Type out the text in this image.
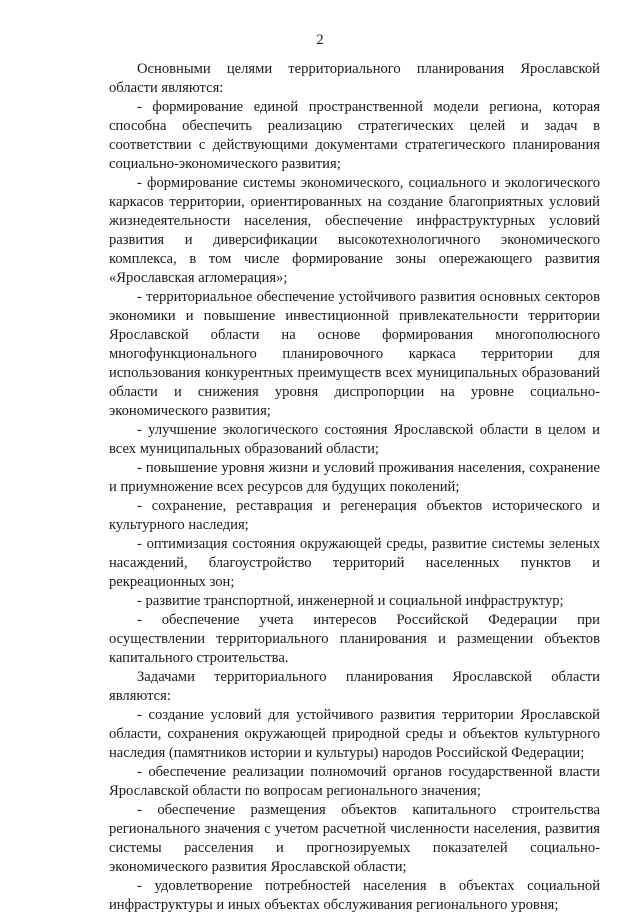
2

Основными целями территориального планирования Ярославской области являются:

- формирование единой пространственной модели региона, которая способна обеспечить реализацию стратегических целей и задач в соответствии с действующими документами стратегического планирования социально-экономического развития;

- формирование системы экономического, социального и экологического каркасов территории, ориентированных на создание благоприятных условий жизнедеятельности населения, обеспечение инфраструктурных условий развития и диверсификации высокотехнологичного экономического комплекса, в том числе формирование зоны опережающего развития «Ярославская агломерация»;

- территориальное обеспечение устойчивого развития основных секторов экономики и повышение инвестиционной привлекательности территории Ярославской области на основе формирования многополюсного многофункционального планировочного каркаса территории для использования конкурентных преимуществ всех муниципальных образований области и снижения уровня диспропорции на уровне социально-экономического развития;

- улучшение экологического состояния Ярославской области в целом и всех муниципальных образований области;

- повышение уровня жизни и условий проживания населения, сохранение и приумножение всех ресурсов для будущих поколений;

- сохранение, реставрация и регенерация объектов исторического и культурного наследия;

- оптимизация состояния окружающей среды, развитие системы зеленых насаждений, благоустройство территорий населенных пунктов и рекреационных зон;

- развитие транспортной, инженерной и социальной инфраструктур;

- обеспечение учета интересов Российской Федерации при осуществлении территориального планирования и размещении объектов капитального строительства.

Задачами территориального планирования Ярославской области являются:

- создание условий для устойчивого развития территории Ярославской области, сохранения окружающей природной среды и объектов культурного наследия (памятников истории и культуры) народов Российской Федерации;

- обеспечение реализации полномочий органов государственной власти Ярославской области по вопросам регионального значения;

- обеспечение размещения объектов капитального строительства регионального значения с учетом расчетной численности населения, развития системы расселения и прогнозируемых показателей социально-экономического развития Ярославской области;

- удовлетворение потребностей населения в объектах социальной инфраструктуры и иных объектах обслуживания регионального уровня;
